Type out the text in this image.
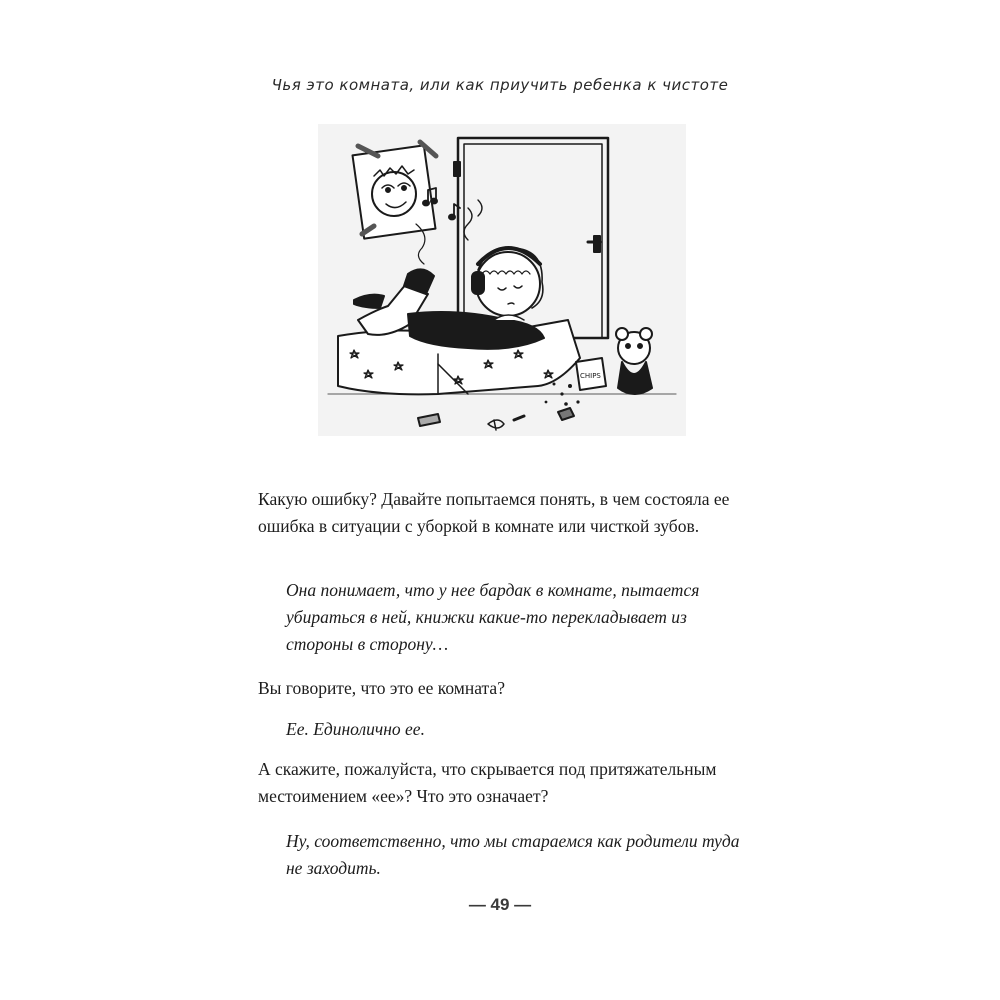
Чья это комната, или как приучить ребенка к чистоте
CHIPS

Какую ошибку? Давайте попытаемся понять, в чем состояла ее ошибка в ситуации с уборкой в комнате или чисткой зубов.

Она понимает, что у нее бардак в комнате, пытается убираться в ней, книжки какие-то перекладывает из стороны в сторону…

Вы говорите, что это ее комната?

Ее. Единолично ее.

А скажите, пожалуйста, что скрывается под притяжательным местоимением «ее»? Что это означает?

Ну, соответственно, что мы стараемся как родители туда не заходить.

— 49 —
